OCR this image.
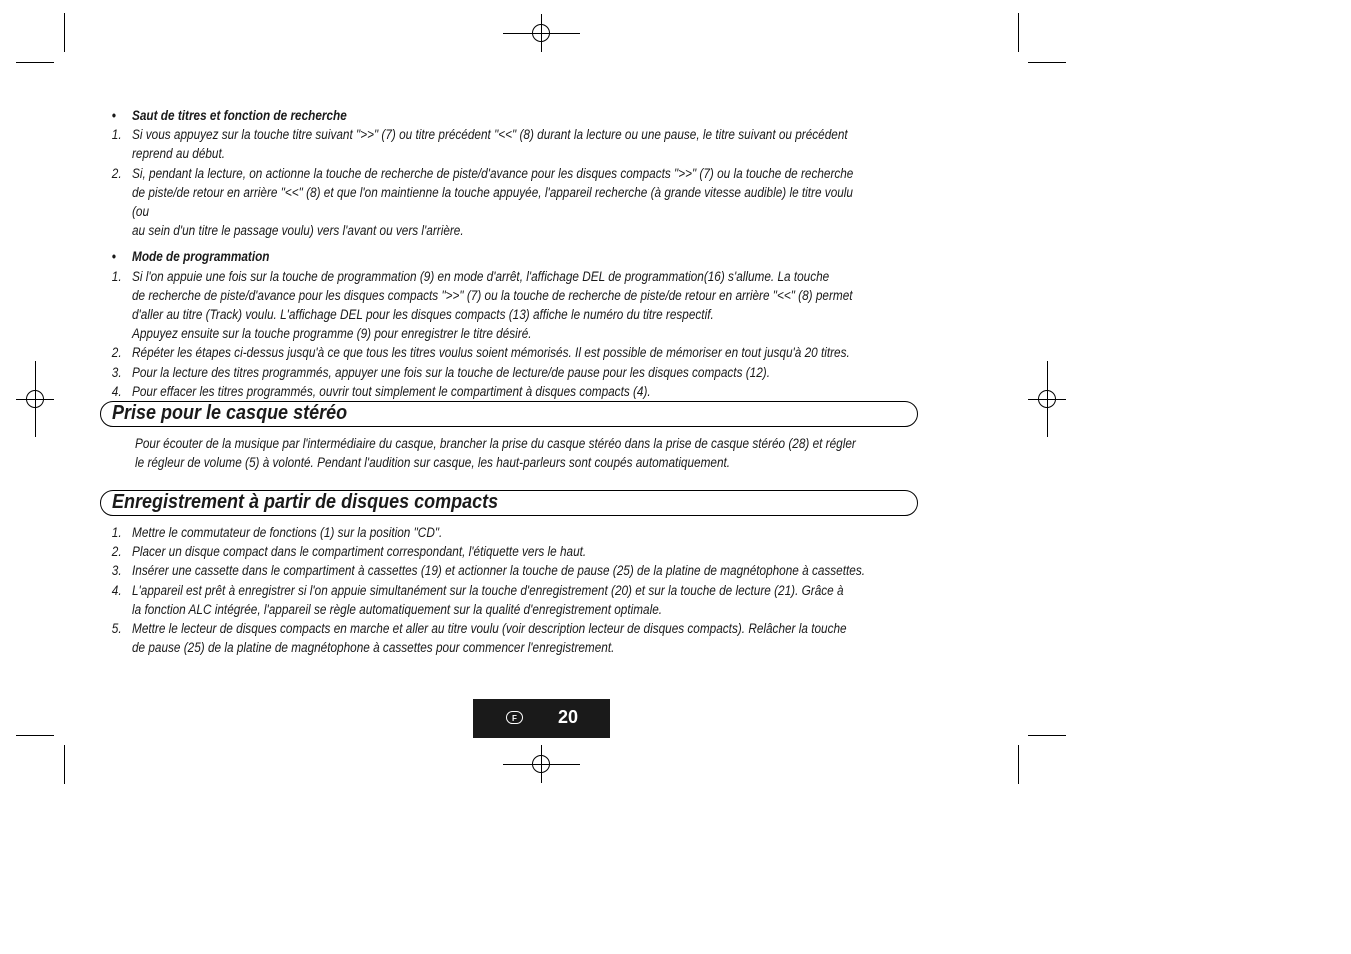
• Saut de titres et fonction de recherche

1. Si vous appuyez sur la touche titre suivant ">>" (7) ou titre précédent "<<" (8) durant la lecture ou une pause, le titre suivant ou précédent

reprend au début.

2. Si, pendant la lecture, on actionne la touche de recherche de piste/d'avance pour les disques compacts ">>" (7) ou la touche de recherche

de piste/de retour en arrière "<<" (8) et que l'on maintienne la touche appuyée, l'appareil recherche (à grande vitesse audible) le titre voulu (ou

au sein d'un titre le passage voulu) vers l'avant ou vers l'arrière.

• Mode de programmation

1. Si l'on appuie une fois sur la touche de programmation (9) en mode d'arrêt, l'affichage DEL de programmation(16) s'allume. La touche

de recherche de piste/d'avance pour les disques compacts ">>" (7) ou la touche de recherche de piste/de retour en arrière "<<" (8) permet

d'aller au titre (Track) voulu. L'affichage DEL pour les disques compacts (13) affiche le numéro du titre respectif.

Appuyez ensuite sur la touche programme (9) pour enregistrer le titre désiré.

2. Répéter les étapes ci-dessus jusqu'à ce que tous les titres voulus soient mémorisés. Il est possible de mémoriser en tout jusqu'à 20 titres.

3. Pour la lecture des titres programmés, appuyer une fois sur la touche de lecture/de pause pour les disques compacts (12).

4. Pour effacer les titres programmés, ouvrir tout simplement le compartiment à disques compacts (4).

Prise pour le casque stéréo

Pour écouter de la musique par l'intermédiaire du casque, brancher la prise du casque stéréo dans la prise de casque stéréo (28) et régler

le régleur de volume (5) à volonté. Pendant l'audition sur casque, les haut-parleurs sont coupés automatiquement.

Enregistrement à partir de disques compacts
1. Mettre le commutateur de fonctions (1) sur la position "CD".

2. Placer un disque compact dans le compartiment correspondant, l'étiquette vers le haut.

3. Insérer une cassette dans le compartiment à cassettes (19) et actionner la touche de pause (25) de la platine de magnétophone à cassettes.

4. L'appareil est prêt à enregistrer si l'on appuie simultanément sur la touche d'enregistrement (20) et sur la touche de lecture (21). Grâce à

la fonction ALC intégrée, l'appareil se règle automatiquement sur la qualité d'enregistrement optimale.

5. Mettre le lecteur de disques compacts en marche et aller au titre voulu (voir description lecteur de disques compacts). Relâcher la touche

de pause (25) de la platine de magnétophone à cassettes pour commencer l'enregistrement.

F	20
